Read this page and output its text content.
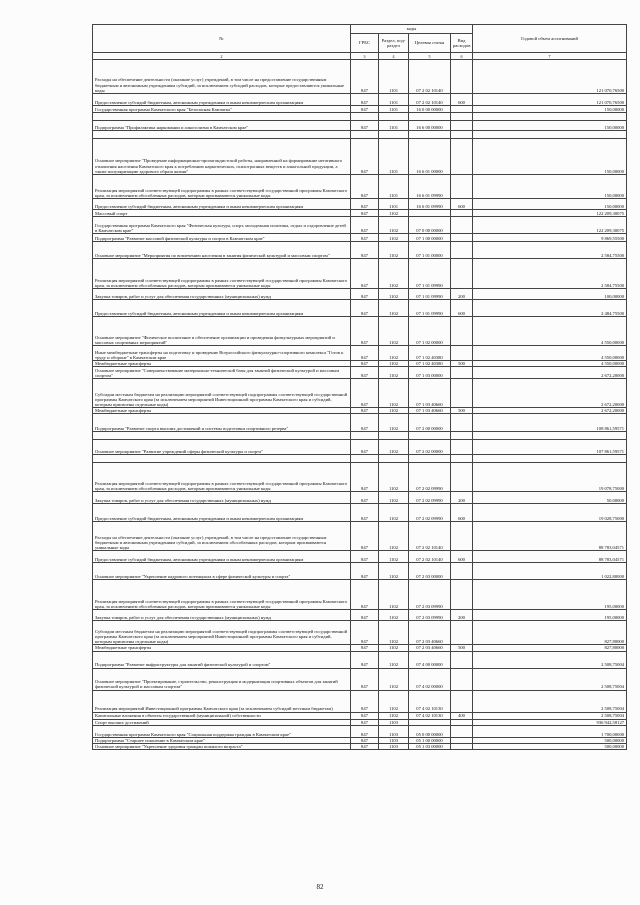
№	коды				Годовой объем ассигнований
	ГРБС	Раздел, под-раздел	Целевая статья	Вид расходов	
2	3	4	5	6	7
Расходы на обеспечение деятельности (оказание услуг) учреждений, в том числе на предоставление государственным бюджетным и автономным учреждениям субсидий, за исключением субсидий расходов, которые предоставляются уникальные коды	847	1101	07 2 02 10140		121 070,76500
Предоставление субсидий бюджетным, автономным учреждениям и иным некоммерческим организациям	847	1101	07 2 02 10140	600	121 070,76500
Государственная программа Камчатского края "Безопасная Камчатка"	847	1101	16 0 00 00000		150,00000

Подпрограмма "Профилактика наркомании и алкоголизма в Камчатском крае"	847	1101	16 6 00 00000		150,00000

Основное мероприятие "Проведение информационно-пропагандистской работы, направленной на формирование негативного отношения населения Камчатского края к потреблению наркотических, психотропных веществ и алкогольной продукции, а также популяризацию здорового образа жизни"	847	1101	16 6 01 00000		150,00000
Реализация мероприятий соответствующей подпрограммы в рамках соответствующей государственной программы Камчатского края, за исключением обособленных расходов, которым присваиваются уникальные коды	847	1101	16 6 01 09990		150,00000
Предоставление субсидий бюджетным, автономным учреждениям и иным некоммерческим организациям	847	1101	16 6 01 09990	600	150,00000
Массовый спорт	847	1102			122 209,30075
Государственная программа Камчатского края "Физическая культура, спорт, молодежная политика, отдых и оздоровление детей в Камчатском крае"	847	1102	07 0 00 00000		122 209,30075
Подпрограмма "Развитие массовой физической культуры и спорта в Камчатском крае"	847	1102	07 1 00 00000		9 869,55500
Основное мероприятие "Мероприятия по вовлечению населения в занятия физической культурой и массовым спортом"	847	1102	07 1 01 00000		2 584,75500
Реализация мероприятий соответствующей подпрограммы в рамках соответствующей государственной программы Камчатского края, за исключением обособленных расходов, которым присваиваются уникальные коды	847	1102	07 1 01 09990		2 584,75500
Закупка товаров, работ и услуг для обеспечения государственных (муниципальных) нужд	847	1102	07 1 01 09990	200	100,00000
Предоставление субсидий бюджетным, автономным учреждениям и иным некоммерческим организациям	847	1102	07 1 01 09990	600	2 484,75500
Основное мероприятие "Физическое воспитание и обеспечение организации и проведения физкультурных мероприятий и массовых спортивных мероприятий"	847	1102	07 1 02 00000		4 550,00000
Иные межбюджетные трансферты на подготовку и проведение Всероссийского физкультурно-спортивного комплекса "Готов к труду и обороне" в Камчатском крае	847	1102	07 1 02 40380		4 550,00000
Межбюджетные трансферты	847	1102	07 1 02 40380	500	4 550,00000
Основное мероприятие "Совершенствование материально-технической базы для занятий физической культурой и массовым спортом"	847	1102	07 1 03 00000		2 672,20000
Субсидии местным бюджетам на реализацию мероприятий соответствующей подпрограммы соответствующей государственной программы Камчатского края (за исключением мероприятий Инвестиционной программы Камчатского края и субсидий, которым присвоены отдельные коды)	847	1102	07 1 03 40660		2 672,20000
Межбюджетные трансферты	847	1102	07 1 03 40660	500	2 672,20000
Подпрограмма "Развитие спорта высших достижений и системы подготовки спортивного резерва"	847	1102	07 2 00 00000		108 861,59571

Основное мероприятие "Развитие учреждений сферы физической культуры и спорта"	847	1102	07 2 02 00000		107 861,59571

Реализация мероприятий соответствующей подпрограммы в рамках соответствующей государственной программы Камчатского края, за исключением обособленных расходов, которым присваиваются уникальные коды	847	1102	07 2 02 09990		19 078,75000
Закупка товаров, работ и услуг для обеспечения государственных (муниципальных) нужд	847	1102	07 2 02 09990	200	50,00000
Предоставление субсидий бюджетным, автономным учреждениям и иным некоммерческим организациям	847	1102	07 2 02 09990	600	19 028,75000
Расходы на обеспечение деятельности (оказание услуг) учреждений, в том числе на предоставление государственным бюджетным и автономным учреждениям субсидий, за исключением обособленных расходов, которым присваиваются уникальные коды	847	1102	07 2 02 10140		88 783,04571
Предоставление субсидий бюджетным, автономным учреждениям и иным некоммерческим организациям	847	1102	07 2 02 10140	600	88 783,04571
Основное мероприятие "Укрепление кадрового потенциала в сфере физической культуры и спорта"	847	1102	07 2 03 00000		1 022,80000
Реализация мероприятий соответствующей подпрограммы в рамках соответствующей государственной программы Камчатского края, за исключением обособленных расходов, которым присваиваются уникальные коды	847	1102	07 2 03 09990		195,00000
Закупка товаров, работ и услуг для обеспечения государственных (муниципальных) нужд	847	1102	07 2 03 09990	200	195,00000
Субсидии местным бюджетам на реализацию мероприятий соответствующей подпрограммы соответствующей государственной программы Камчатского края (за исключением мероприятий Инвестиционной программы Камчатского края и субсидий, которым присвоены отдельные коды)	847	1102	07 2 03 40660		827,80000
Межбюджетные трансферты	847	1102	07 2 03 40660	500	827,80000
Подпрограмма "Развитие инфраструктуры для занятий физической культурой и спортом"	847	1102	07 4 00 00000		2 508,75004
Основное мероприятие "Проектирование, строительство, реконструкция и модернизация спортивных объектов для занятий физической культурой и массовым спортом"	847	1102	07 4 02 00000		2 508,75004
Реализация мероприятий Инвестиционной программы Камчатского края (за исключением субсидий местным бюджетам)	847	1102	07 4 02 10130		2 508,75004
Капитальные вложения в объекты государственной (муниципальной) собственности	847	1102	07 4 02 10130	400	2 508,75004
Спорт высших достижений	847	1103			936 942,58127
Государственная программа Камчатского края "Социальная поддержка граждан в Камчатском крае"	847	1103	05 0 00 00000		1 700,00000
Подпрограмма "Старшее поколение в Камчатском крае"	847	1103	05 1 00 00000		500,00000
Основное мероприятие "Укрепление здоровья граждан пожилого возраста"	847	1103	05 1 03 00000		500,00000
82
